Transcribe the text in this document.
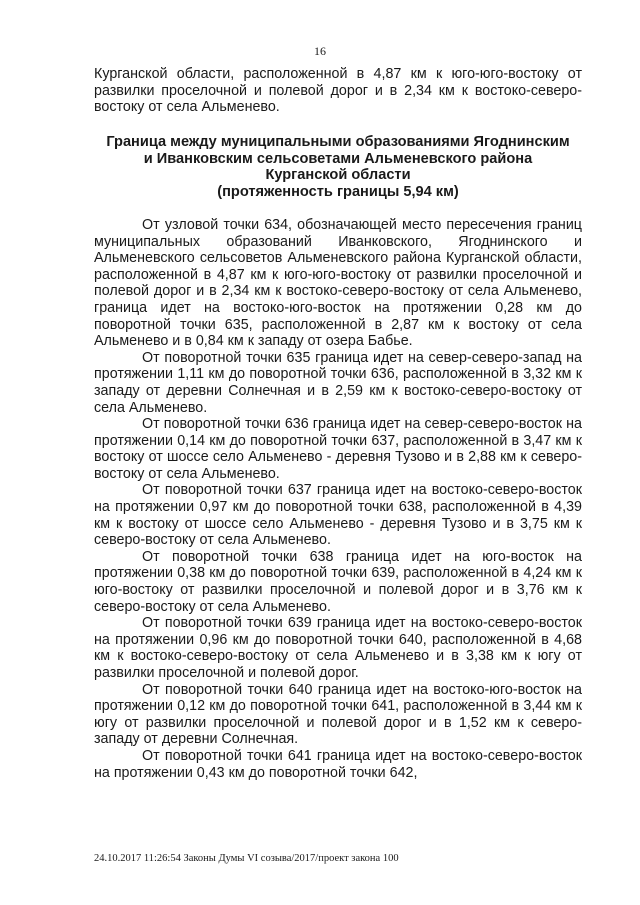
16

Курганской области, расположенной в 4,87 км к юго-юго-востоку от развилки проселочной и полевой дорог и в 2,34 км к востоко-северо-востоку от села Альменево.

Граница между муниципальными образованиями Ягоднинским
и Иванковским сельсоветами Альменевского района
Курганской области
(протяженность границы 5,94 км)

От узловой точки 634, обозначающей место пересечения границ муниципальных образований Иванковского, Ягоднинского и Альменевского сельсоветов Альменевского района Курганской области, расположенной в 4,87 км к юго-юго-востоку от развилки проселочной и полевой дорог и в 2,34 км к востоко-северо-востоку от села Альменево, граница идет на востоко-юго-восток на протяжении 0,28 км до поворотной точки 635, расположенной в 2,87 км к востоку от села Альменево и в 0,84 км к западу от озера Бабье.

От поворотной точки 635 граница идет на север-северо-запад на протяжении 1,11 км до поворотной точки 636, расположенной в 3,32 км к западу от деревни Солнечная и в 2,59 км к востоко-северо-востоку от села Альменево.

От поворотной точки 636 граница идет на север-северо-восток на протяжении 0,14 км до поворотной точки 637, расположенной в 3,47 км к востоку от шоссе село Альменево - деревня Тузово и в 2,88 км к северо-востоку от села Альменево.

От поворотной точки 637 граница идет на востоко-северо-восток на протяжении 0,97 км до поворотной точки 638, расположенной в 4,39 км к востоку от шоссе село Альменево - деревня Тузово и в 3,75 км к северо-востоку от села Альменево.

От поворотной точки 638 граница идет на юго-восток на протяжении 0,38 км до поворотной точки 639, расположенной в 4,24 км к юго-востоку от развилки проселочной и полевой дорог и в 3,76 км к северо-востоку от села Альменево.

От поворотной точки 639 граница идет на востоко-северо-восток на протяжении 0,96 км до поворотной точки 640, расположенной в 4,68 км к востоко-северо-востоку от села Альменево и в 3,38 км к югу от развилки проселочной и полевой дорог.

От поворотной точки 640 граница идет на востоко-юго-восток на протяжении 0,12 км до поворотной точки 641, расположенной в 3,44 км к югу от развилки проселочной и полевой дорог и в 1,52 км к северо-западу от деревни Солнечная.

От поворотной точки 641 граница идет на востоко-северо-восток на протяжении 0,43 км до поворотной точки 642,

24.10.2017 11:26:54 Законы Думы VI созыва/2017/проект закона 100
